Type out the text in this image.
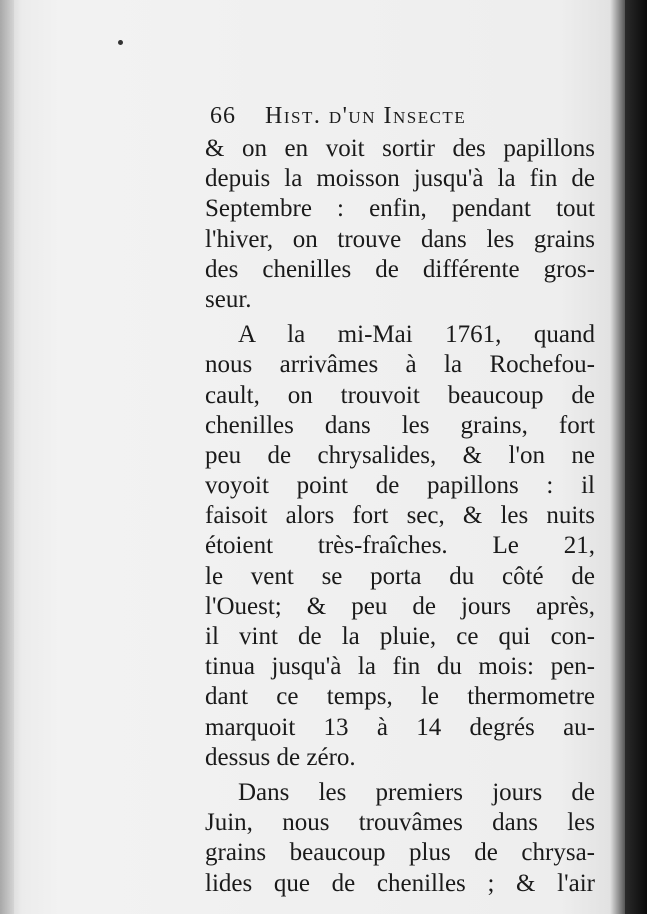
66 Hist. d'un Insecte
& on en voit sortir des papillons
depuis la moisson jusqu'à la fin de
Septembre : enfin, pendant tout
l'hiver, on trouve dans les grains
des chenilles de différente gros-
seur.
A la mi-Mai 1761, quand
nous arrivâmes à la Rochefou-
cault, on trouvoit beaucoup de
chenilles dans les grains, fort
peu de chrysalides, & l'on ne
voyoit point de papillons : il
faisoit alors fort sec, & les nuits
étoient très-fraîches. Le 21,
le vent se porta du côté de
l'Ouest; & peu de jours après,
il vint de la pluie, ce qui con-
tinua jusqu'à la fin du mois: pen-
dant ce temps, le thermometre
marquoit 13 à 14 degrés au-
dessus de zéro.
Dans les premiers jours de
Juin, nous trouvâmes dans les
grains beaucoup plus de chrysa-
lides que de chenilles ; & l'air
